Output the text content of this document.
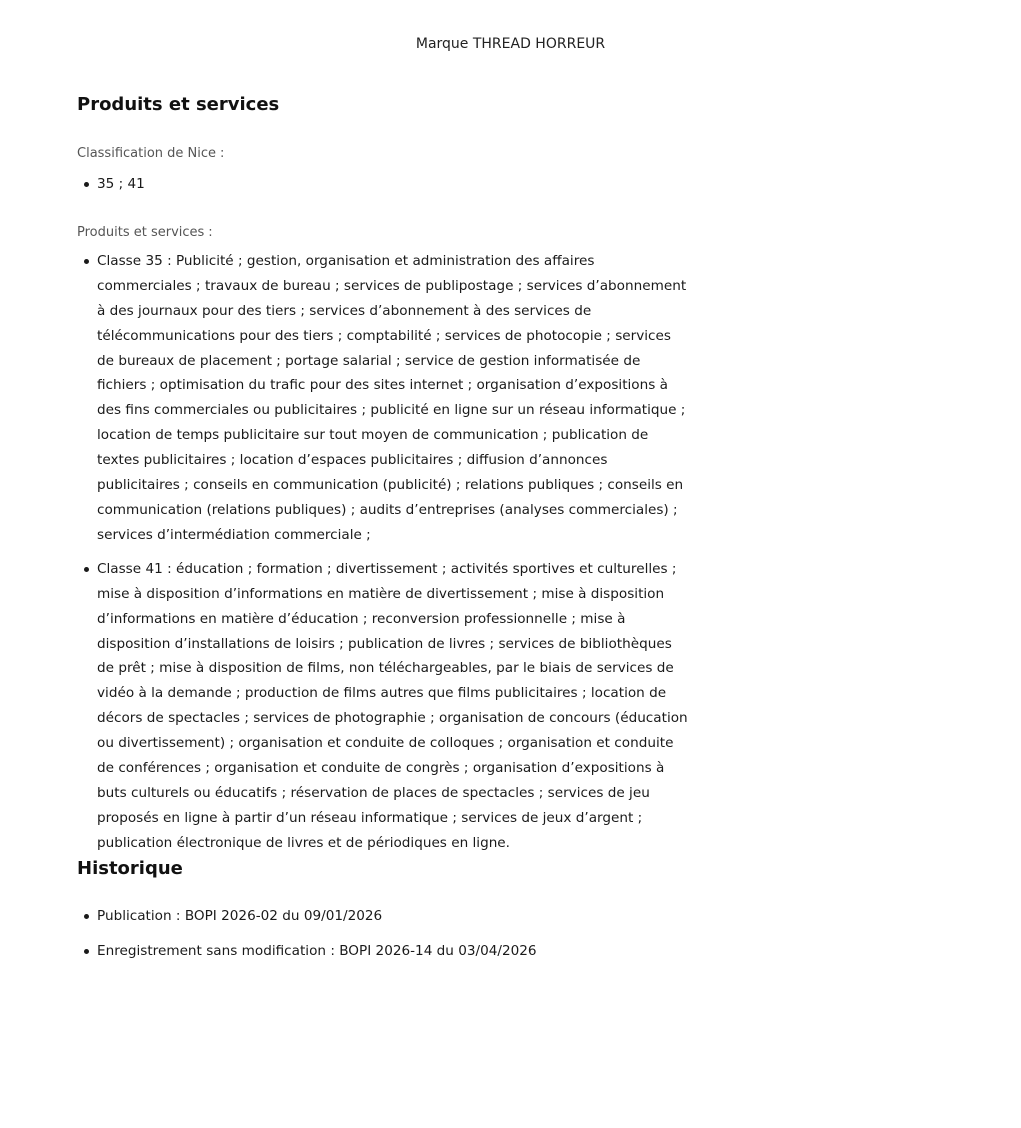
Marque THREAD HORREUR
Produits et services
Classification de Nice :
35 ; 41
Produits et services :
Classe 35 : Publicité ; gestion, organisation et administration des affaires commerciales ; travaux de bureau ; services de publipostage ; services d’abonnement à des journaux pour des tiers ; services d’abonnement à des services de télécommunications pour des tiers ; comptabilité ; services de photocopie ; services de bureaux de placement ; portage salarial ; service de gestion informatisée de fichiers ; optimisation du trafic pour des sites internet ; organisation d’expositions à des fins commerciales ou publicitaires ; publicité en ligne sur un réseau informatique ; location de temps publicitaire sur tout moyen de communication ; publication de textes publicitaires ; location d’espaces publicitaires ; diffusion d’annonces publicitaires ; conseils en communication (publicité) ; relations publiques ; conseils en communication (relations publiques) ; audits d’entreprises (analyses commerciales) ; services d’intermédiation commerciale ;
Classe 41 : éducation ; formation ; divertissement ; activités sportives et culturelles ; mise à disposition d’informations en matière de divertissement ; mise à disposition d’informations en matière d’éducation ; reconversion professionnelle ; mise à disposition d’installations de loisirs ; publication de livres ; services de bibliothèques de prêt ; mise à disposition de films, non téléchargeables, par le biais de services de vidéo à la demande ; production de films autres que films publicitaires ; location de décors de spectacles ; services de photographie ; organisation de concours (éducation ou divertissement) ; organisation et conduite de colloques ; organisation et conduite de conférences ; organisation et conduite de congrès ; organisation d’expositions à buts culturels ou éducatifs ; réservation de places de spectacles ; services de jeu proposés en ligne à partir d’un réseau informatique ; services de jeux d’argent ; publication électronique de livres et de périodiques en ligne.
Historique
Publication : BOPI 2026-02 du 09/01/2026
Enregistrement sans modification : BOPI 2026-14 du 03/04/2026
